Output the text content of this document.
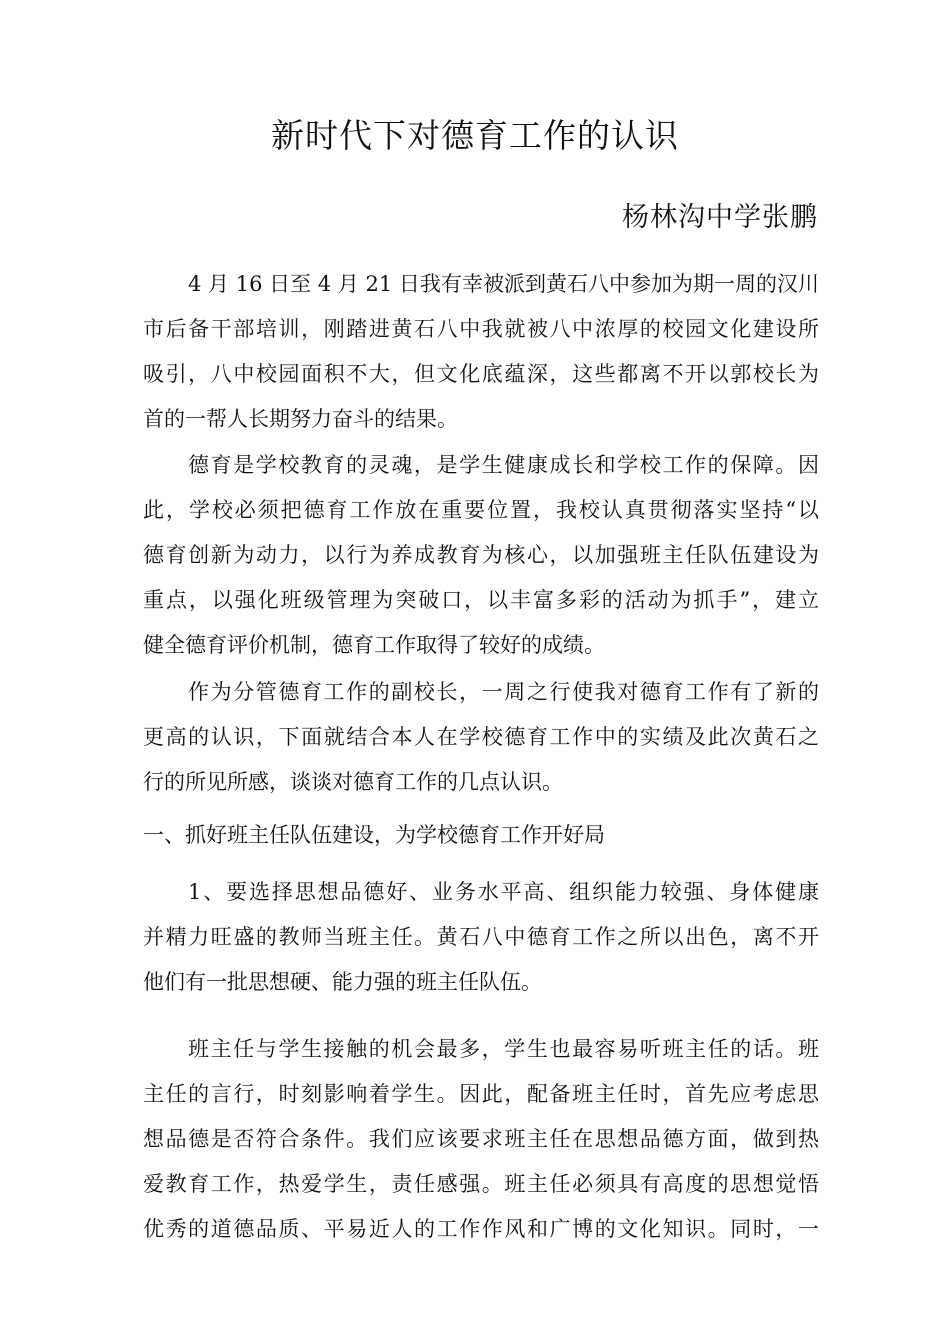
新时代下对德育工作的认识
杨林沟中学张鹏
4 月 16 日至 4 月 21 日我有幸被派到黄石八中参加为期一周的汉川
市后备干部培训，刚踏进黄石八中我就被八中浓厚的校园文化建设所
吸引，八中校园面积不大，但文化底蕴深，这些都离不开以郭校长为
首的一帮人长期努力奋斗的结果。
德育是学校教育的灵魂，是学生健康成长和学校工作的保障。因
此，学校必须把德育工作放在重要位置，我校认真贯彻落实坚持“以
德育创新为动力，以行为养成教育为核心，以加强班主任队伍建设为
重点，以强化班级管理为突破口，以丰富多彩的活动为抓手”，建立
健全德育评价机制，德育工作取得了较好的成绩。
作为分管德育工作的副校长，一周之行使我对德育工作有了新的
更高的认识，下面就结合本人在学校德育工作中的实绩及此次黄石之
行的所见所感，谈谈对德育工作的几点认识。
一、抓好班主任队伍建设，为学校德育工作开好局
1、要选择思想品德好、业务水平高、组织能力较强、身体健康
并精力旺盛的教师当班主任。黄石八中德育工作之所以出色，离不开
他们有一批思想硬、能力强的班主任队伍。
班主任与学生接触的机会最多，学生也最容易听班主任的话。班
主任的言行，时刻影响着学生。因此，配备班主任时，首先应考虑思
想品德是否符合条件。我们应该要求班主任在思想品德方面，做到热
爱教育工作，热爱学生，责任感强。班主任必须具有高度的思想觉悟
优秀的道德品质、平易近人的工作作风和广博的文化知识。同时，一
